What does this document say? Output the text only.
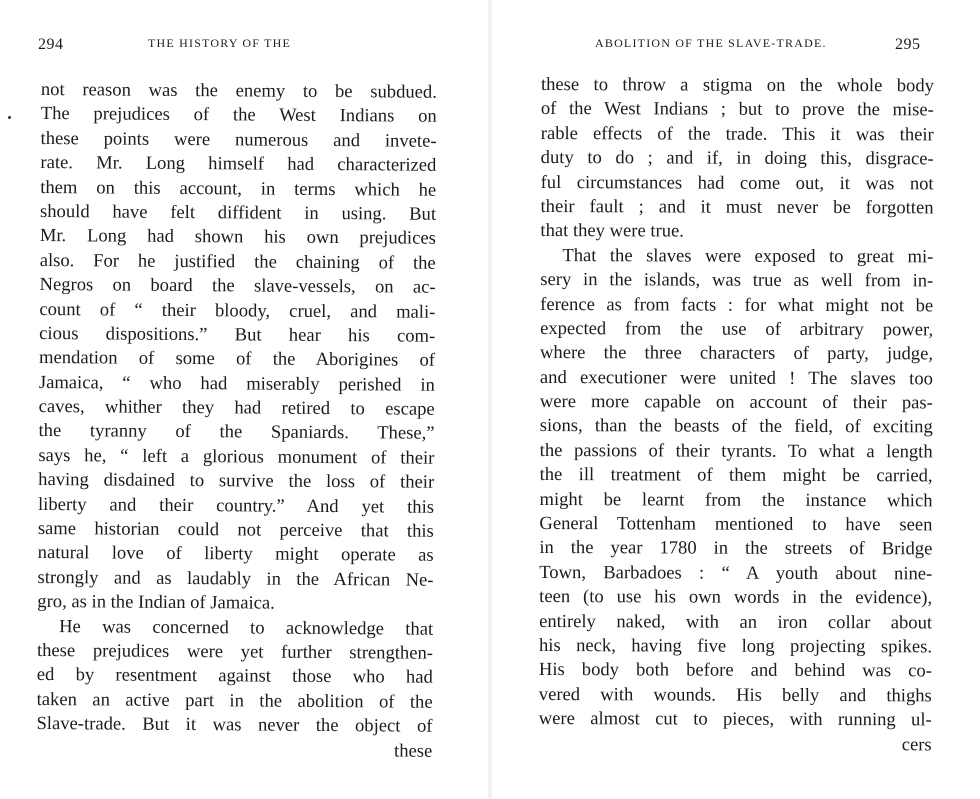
294	THE HISTORY OF THE
not reason was the enemy to be subdued.
The prejudices of the West Indians on
these points were numerous and invete-
rate. Mr. Long himself had characterized
them on this account, in terms which he
should have felt diffident in using. But
Mr. Long had shown his own prejudices
also. For he justified the chaining of the
Negros on board the slave-vessels, on ac-
count of “ their bloody, cruel, and mali-
cious dispositions.” But hear his com-
mendation of some of the Aborigines of
Jamaica, “ who had miserably perished in
caves, whither they had retired to escape
the tyranny of the Spaniards. These,”
says he, “ left a glorious monument of their
having disdained to survive the loss of their
liberty and their country.” And yet this
same historian could not perceive that this
natural love of liberty might operate as
strongly and as laudably in the African Ne-
gro, as in the Indian of Jamaica.
He was concerned to acknowledge that
these prejudices were yet further strengthen-
ed by resentment against those who had
taken an active part in the abolition of the
Slave-trade. But it was never the object of
these
ABOLITION OF THE SLAVE-TRADE.	295
these to throw a stigma on the whole body
of the West Indians ; but to prove the mise-
rable effects of the trade. This it was their
duty to do ; and if, in doing this, disgrace-
ful circumstances had come out, it was not
their fault ; and it must never be forgotten
that they were true.
That the slaves were exposed to great mi-
sery in the islands, was true as well from in-
ference as from facts : for what might not be
expected from the use of arbitrary power,
where the three characters of party, judge,
and executioner were united ! The slaves too
were more capable on account of their pas-
sions, than the beasts of the field, of exciting
the passions of their tyrants. To what a length
the ill treatment of them might be carried,
might be learnt from the instance which
General Tottenham mentioned to have seen
in the year 1780 in the streets of Bridge
Town, Barbadoes : “ A youth about nine-
teen (to use his own words in the evidence),
entirely naked, with an iron collar about
his neck, having five long projecting spikes.
His body both before and behind was co-
vered with wounds. His belly and thighs
were almost cut to pieces, with running ul-
cers
